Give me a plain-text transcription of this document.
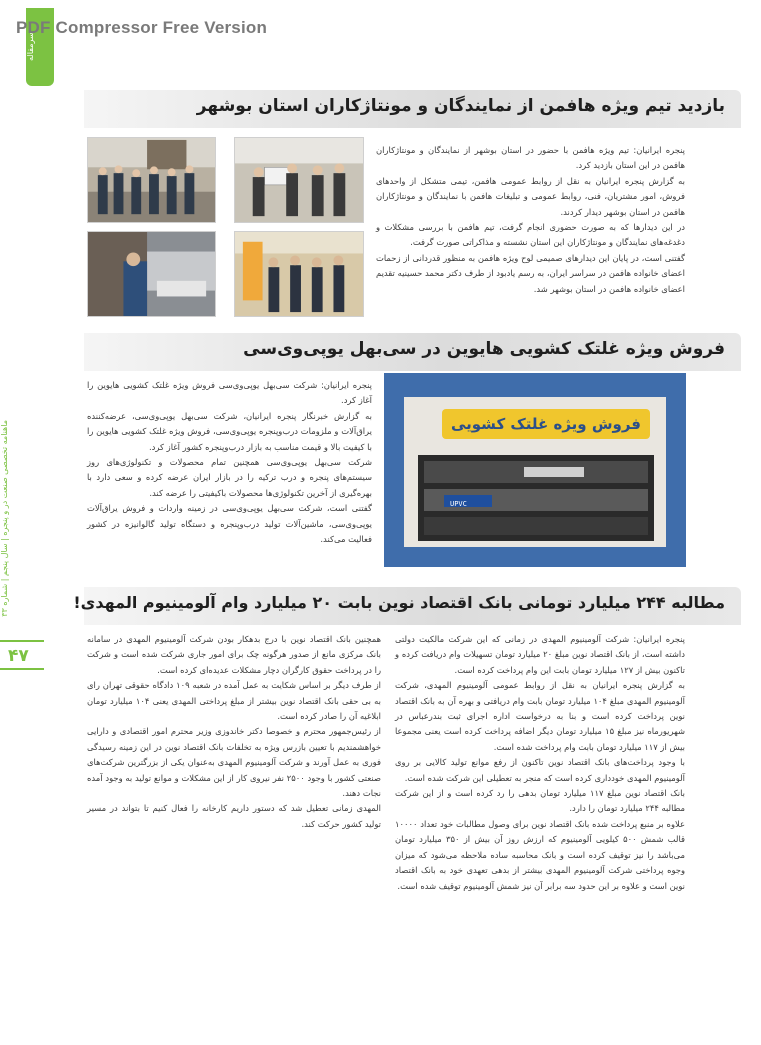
PDF Compressor Free Version
سرمقاله
ماهنامه تخصصی صنعت در و پنجره | سال پنجم | شماره ۳۳
۴۷
بازدید تیم ویژه هافمن از نمایندگان و مونتاژکاران استان بوشهر

پنجره ایرانیان: تیم ویژه هافمن با حضور در استان بوشهر از نمایندگان و مونتاژکاران هافمن در این استان بازدید کرد.

به گزارش پنجره ایرانیان به نقل از روابط عمومی هافمن، تیمی متشکل از واحدهای فروش، امور مشتریان، فنی، روابط عمومی و تبلیغات هافمن با نمایندگان و مونتاژکاران هافمن در استان بوشهر دیدار کردند.

در این دیدارها که به صورت حضوری انجام گرفت، تیم هافمن با بررسی مشکلات و دغدغه‌های نمایندگان و مونتاژکاران این استان نشسته و مذاکراتی صورت گرفت.

گفتنی است، در پایان این دیدارهای صمیمی لوح ویژه هافمن به منظور قدردانی از زحمات اعضای خانواده هافمن در سراسر ایران، به رسم یادبود از طرف دکتر محمد حسینیه تقدیم اعضای خانواده هافمن در استان بوشهر شد.

فروش ویژه غلتک کشویی هایوین در سی‌بهل یوپی‌وی‌سی
فروش ویژه غلتک کشویی
UPVC

پنجره ایرانیان: شرکت سی‌بهل یوپی‌وی‌سی فروش ویژه غلتک کشویی هایوین را آغاز کرد.

به گزارش خبرنگار پنجره ایرانیان، شرکت سی‌بهل یوپی‌وی‌سی، عرضه‌کننده یراق‌آلات و ملزومات درب‌وپنجره یوپی‌وی‌سی، فروش ویژه غلتک کشویی هایوین را با کیفیت بالا و قیمت مناسب به بازار درب‌وپنجره کشور آغاز کرد.

شرکت سی‌بهل یوپی‌وی‌سی همچنین تمام محصولات و تکنولوژی‌های روز سیستم‌های پنجره و درب ترکیه را در بازار ایران عرضه کرده و سعی دارد با بهره‌گیری از آخرین تکنولوژی‌ها محصولات باکیفیتی را عرضه کند.

گفتنی است، شرکت سی‌بهل یوپی‌وی‌سی در زمینه واردات و فروش یراق‌آلات یوپی‌وی‌سی، ماشین‌آلات تولید درب‌وپنجره و دستگاه تولید گالوانیزه در کشور فعالیت می‌کند.

مطالبه ۲۴۴ میلیارد تومانی بانک اقتصاد نوین بابت ۲۰ میلیارد وام آلومینیوم المهدی!

پنجره ایرانیان: شرکت آلومینیوم المهدی در زمانی که این شرکت مالکیت دولتی داشته است، از بانک اقتصاد نوین مبلغ ۲۰ میلیارد تومان تسهیلات وام دریافت کرده و تاکنون بیش از ۱۲۷ میلیارد تومان بابت این وام پرداخت کرده است.

به گزارش پنجره ایرانیان به نقل از روابط عمومی آلومینیوم المهدی، شرکت آلومینیوم المهدی مبلغ ۱۰۴ میلیارد تومان بابت وام دریافتی و بهره آن به بانک اقتصاد نوین پرداخت کرده است و بنا به درخواست اداره اجرای ثبت بندرعباس در شهریورماه نیز مبلغ ۱۵ میلیارد تومان دیگر اضافه پرداخت کرده است یعنی مجموعا بیش از ۱۱۷ میلیارد تومان بابت وام پرداخت شده است.

با وجود پرداخت‌های بانک اقتصاد نوین تاکنون از رفع موانع تولید کالایی بر روی آلومینیوم المهدی خودداری کرده است که منجر به تعطیلی این شرکت شده است.

بانک اقتصاد نوین مبلغ ۱۱۷ میلیارد تومان بدهی را رد کرده است و از این شرکت مطالبه ۲۴۴ میلیارد تومان را دارد.

علاوه بر منبع پرداخت شده بانک اقتصاد نوین برای وصول مطالبات خود تعداد ۱۰۰۰۰ قالب شمش ۵۰۰ کیلویی آلومینیوم که ارزش روز آن بیش از ۳۵۰ میلیارد تومان می‌باشد را نیز توقیف کرده است و بانک محاسبه ساده ملاحظه می‌شود که میزان وجوه پرداختی شرکت آلومینیوم المهدی بیشتر از بدهی تعهدی خود به بانک اقتصاد نوین است و علاوه بر این حدود سه برابر آن نیز شمش آلومینیوم توقیف شده است.

همچنین بانک اقتصاد نوین با درج بدهکار بودن شرکت آلومینیوم المهدی در سامانه بانک مرکزی مانع از صدور هرگونه چک برای امور جاری شرکت شده است و شرکت را در پرداخت حقوق کارگران دچار مشکلات عدیده‌ای کرده است.

از طرف دیگر بر اساس شکایت به عمل آمده در شعبه ۱۰۹ دادگاه حقوقی تهران رای به بی حقی بانک اقتصاد نوین بیشتر از مبلغ پرداختی المهدی یعنی ۱۰۴ میلیارد تومان ابلاغیه آن را صادر کرده است.

از رئیس‌جمهور محترم و خصوصا دکتر خاندوزی وزیر محترم امور اقتصادی و دارایی خواهشمندیم با تعیین بازرس ویژه به تخلفات بانک اقتصاد نوین در این زمینه رسیدگی فوری به عمل آورند و شرکت آلومینیوم المهدی به‌عنوان یکی از بزرگترین شرکت‌های صنعتی کشور با وجود ۲۵۰۰ نفر نیروی کار از این مشکلات و موانع تولید به وجود آمده نجات دهند.

المهدی زمانی تعطیل شد که دستور داریم کارخانه را فعال کنیم تا بتواند در مسیر تولید کشور حرکت کند.
